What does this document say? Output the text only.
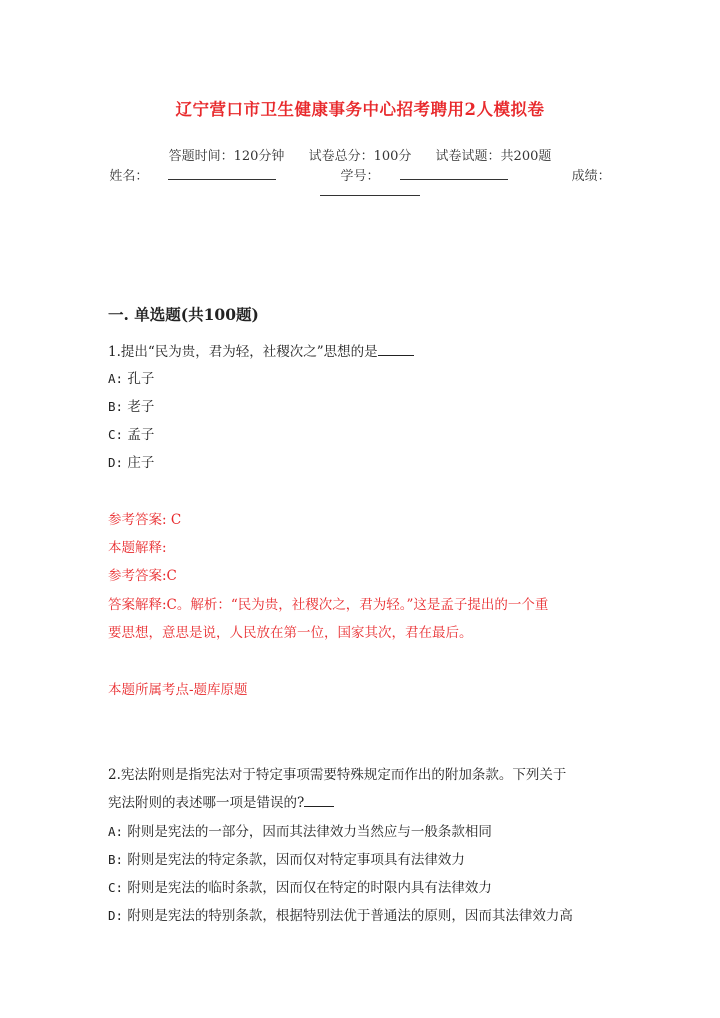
辽宁营口市卫生健康事务中心招考聘用2人模拟卷
答题时间：120分钟 试卷总分：100分 试卷试题：共200题
姓名：	学号：	成绩：
一. 单选题(共100题)
1.提出“民为贵，君为轻，社稷次之”思想的是
A: 孔子
B: 老子
C: 孟子
D: 庄子
参考答案: C
本题解释:
参考答案:C
答案解释:C。解析：“民为贵，社稷次之，君为轻。”这是孟子提出的一个重
要思想，意思是说，人民放在第一位，国家其次，君在最后。
本题所属考点-题库原题
2.宪法附则是指宪法对于特定事项需要特殊规定而作出的附加条款。下列关于
宪法附则的表述哪一项是错误的?
A: 附则是宪法的一部分，因而其法律效力当然应与一般条款相同
B: 附则是宪法的特定条款，因而仅对特定事项具有法律效力
C: 附则是宪法的临时条款，因而仅在特定的时限内具有法律效力
D: 附则是宪法的特别条款，根据特别法优于普通法的原则，因而其法律效力高
